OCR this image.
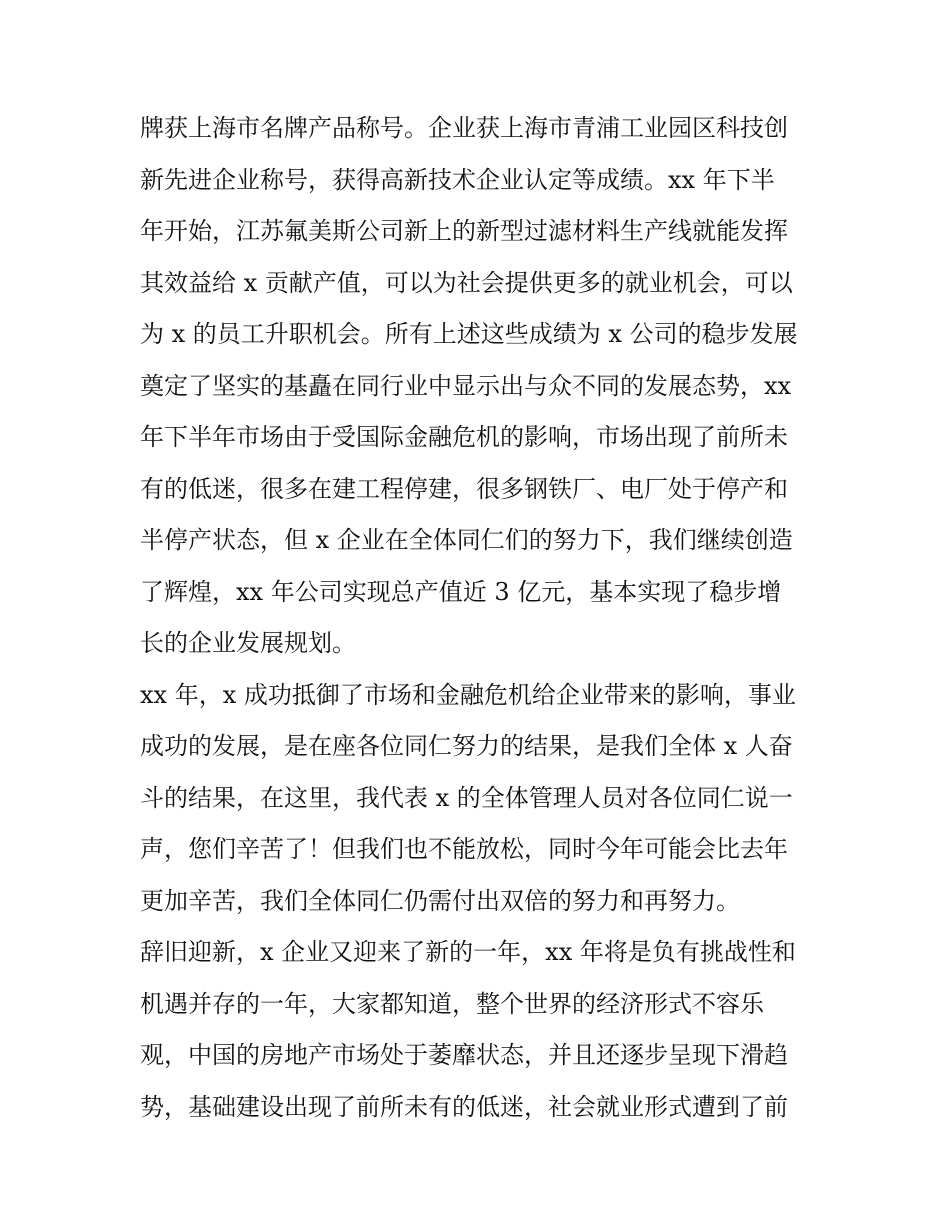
牌获上海市名牌产品称号。企业获上海市青浦工业园区科技创
新先进企业称号，获得高新技术企业认定等成绩。xx 年下半
年开始，江苏氟美斯公司新上的新型过滤材料生产线就能发挥
其效益给 x 贡献产值，可以为社会提供更多的就业机会，可以
为 x 的员工升职机会。所有上述这些成绩为 x 公司的稳步发展
奠定了坚实的基矗在同行业中显示出与众不同的发展态势，xx
年下半年市场由于受国际金融危机的影响，市场出现了前所未
有的低迷，很多在建工程停建，很多钢铁厂、电厂处于停产和
半停产状态，但 x 企业在全体同仁们的努力下，我们继续创造
了辉煌，xx 年公司实现总产值近 3 亿元，基本实现了稳步增
长的企业发展规划。
xx 年，x 成功抵御了市场和金融危机给企业带来的影响，事业
成功的发展，是在座各位同仁努力的结果，是我们全体 x 人奋
斗的结果，在这里，我代表 x 的全体管理人员对各位同仁说一
声，您们辛苦了！但我们也不能放松，同时今年可能会比去年
更加辛苦，我们全体同仁仍需付出双倍的努力和再努力。
辞旧迎新，x 企业又迎来了新的一年，xx 年将是负有挑战性和
机遇并存的一年，大家都知道，整个世界的经济形式不容乐
观，中国的房地产市场处于萎靡状态，并且还逐步呈现下滑趋
势，基础建设出现了前所未有的低迷，社会就业形式遭到了前
